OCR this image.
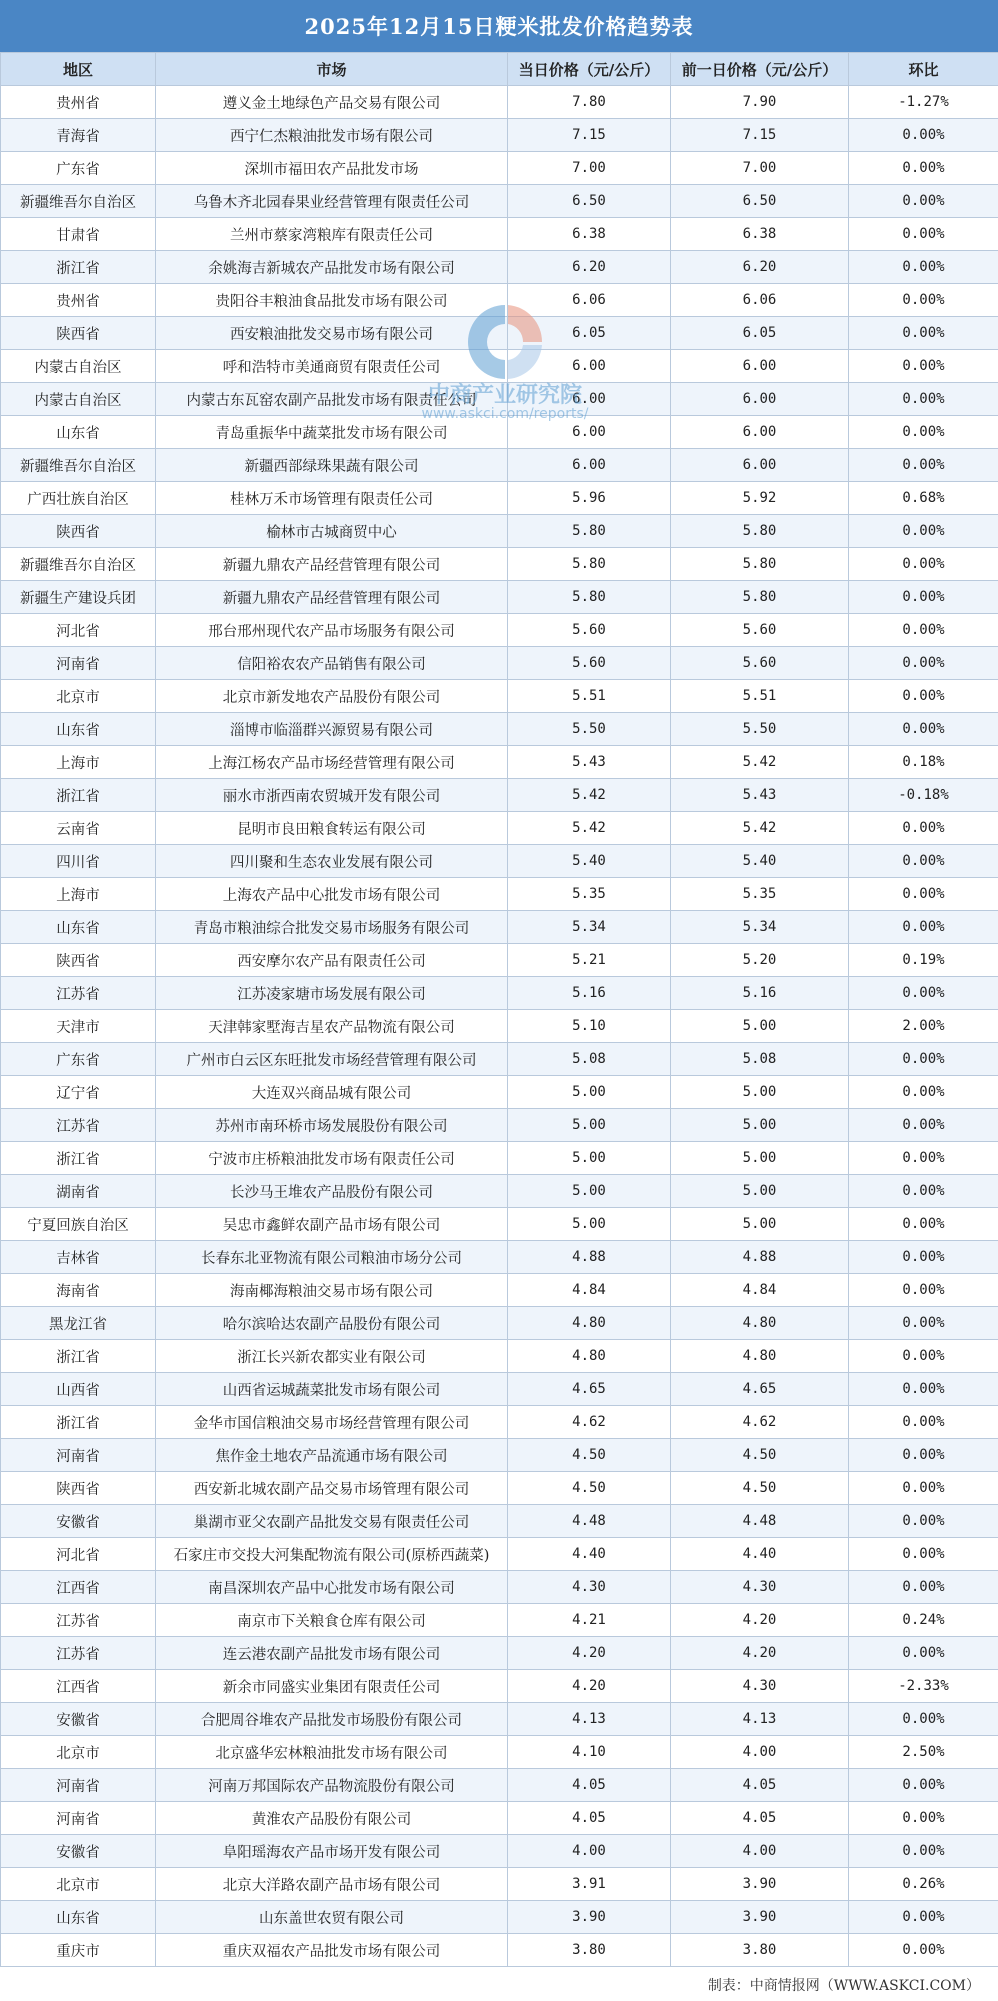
2025年12月15日粳米批发价格趋势表
地区	市场	当日价格（元/公斤）	前一日价格（元/公斤）	环比
贵州省	遵义金土地绿色产品交易有限公司	7.80	7.90	-1.27%
青海省	西宁仁杰粮油批发市场有限公司	7.15	7.15	0.00%
广东省	深圳市福田农产品批发市场	7.00	7.00	0.00%
新疆维吾尔自治区	乌鲁木齐北园春果业经营管理有限责任公司	6.50	6.50	0.00%
甘肃省	兰州市蔡家湾粮库有限责任公司	6.38	6.38	0.00%
浙江省	余姚海吉新城农产品批发市场有限公司	6.20	6.20	0.00%
贵州省	贵阳谷丰粮油食品批发市场有限公司	6.06	6.06	0.00%
陕西省	西安粮油批发交易市场有限公司	6.05	6.05	0.00%
内蒙古自治区	呼和浩特市美通商贸有限责任公司	6.00	6.00	0.00%
内蒙古自治区	内蒙古东瓦窑农副产品批发市场有限责任公司	6.00	6.00	0.00%
山东省	青岛重振华中蔬菜批发市场有限公司	6.00	6.00	0.00%
新疆维吾尔自治区	新疆西部绿珠果蔬有限公司	6.00	6.00	0.00%
广西壮族自治区	桂林万禾市场管理有限责任公司	5.96	5.92	0.68%
陕西省	榆林市古城商贸中心	5.80	5.80	0.00%
新疆维吾尔自治区	新疆九鼎农产品经营管理有限公司	5.80	5.80	0.00%
新疆生产建设兵团	新疆九鼎农产品经营管理有限公司	5.80	5.80	0.00%
河北省	邢台邢州现代农产品市场服务有限公司	5.60	5.60	0.00%
河南省	信阳裕农农产品销售有限公司	5.60	5.60	0.00%
北京市	北京市新发地农产品股份有限公司	5.51	5.51	0.00%
山东省	淄博市临淄群兴源贸易有限公司	5.50	5.50	0.00%
上海市	上海江杨农产品市场经营管理有限公司	5.43	5.42	0.18%
浙江省	丽水市浙西南农贸城开发有限公司	5.42	5.43	-0.18%
云南省	昆明市良田粮食转运有限公司	5.42	5.42	0.00%
四川省	四川聚和生态农业发展有限公司	5.40	5.40	0.00%
上海市	上海农产品中心批发市场有限公司	5.35	5.35	0.00%
山东省	青岛市粮油综合批发交易市场服务有限公司	5.34	5.34	0.00%
陕西省	西安摩尔农产品有限责任公司	5.21	5.20	0.19%
江苏省	江苏凌家塘市场发展有限公司	5.16	5.16	0.00%
天津市	天津韩家墅海吉星农产品物流有限公司	5.10	5.00	2.00%
广东省	广州市白云区东旺批发市场经营管理有限公司	5.08	5.08	0.00%
辽宁省	大连双兴商品城有限公司	5.00	5.00	0.00%
江苏省	苏州市南环桥市场发展股份有限公司	5.00	5.00	0.00%
浙江省	宁波市庄桥粮油批发市场有限责任公司	5.00	5.00	0.00%
湖南省	长沙马王堆农产品股份有限公司	5.00	5.00	0.00%
宁夏回族自治区	吴忠市鑫鲜农副产品市场有限公司	5.00	5.00	0.00%
吉林省	长春东北亚物流有限公司粮油市场分公司	4.88	4.88	0.00%
海南省	海南椰海粮油交易市场有限公司	4.84	4.84	0.00%
黑龙江省	哈尔滨哈达农副产品股份有限公司	4.80	4.80	0.00%
浙江省	浙江长兴新农都实业有限公司	4.80	4.80	0.00%
山西省	山西省运城蔬菜批发市场有限公司	4.65	4.65	0.00%
浙江省	金华市国信粮油交易市场经营管理有限公司	4.62	4.62	0.00%
河南省	焦作金土地农产品流通市场有限公司	4.50	4.50	0.00%
陕西省	西安新北城农副产品交易市场管理有限公司	4.50	4.50	0.00%
安徽省	巢湖市亚父农副产品批发交易有限责任公司	4.48	4.48	0.00%
河北省	石家庄市交投大河集配物流有限公司(原桥西蔬菜)	4.40	4.40	0.00%
江西省	南昌深圳农产品中心批发市场有限公司	4.30	4.30	0.00%
江苏省	南京市下关粮食仓库有限公司	4.21	4.20	0.24%
江苏省	连云港农副产品批发市场有限公司	4.20	4.20	0.00%
江西省	新余市同盛实业集团有限责任公司	4.20	4.30	-2.33%
安徽省	合肥周谷堆农产品批发市场股份有限公司	4.13	4.13	0.00%
北京市	北京盛华宏林粮油批发市场有限公司	4.10	4.00	2.50%
河南省	河南万邦国际农产品物流股份有限公司	4.05	4.05	0.00%
河南省	黄淮农产品股份有限公司	4.05	4.05	0.00%
安徽省	阜阳瑶海农产品市场开发有限公司	4.00	4.00	0.00%
北京市	北京大洋路农副产品市场有限公司	3.91	3.90	0.26%
山东省	山东盖世农贸有限公司	3.90	3.90	0.00%
重庆市	重庆双福农产品批发市场有限公司	3.80	3.80	0.00%
中商产业研究院
www.askci.com/reports/
制表：中商情报网（WWW.ASKCI.COM）
